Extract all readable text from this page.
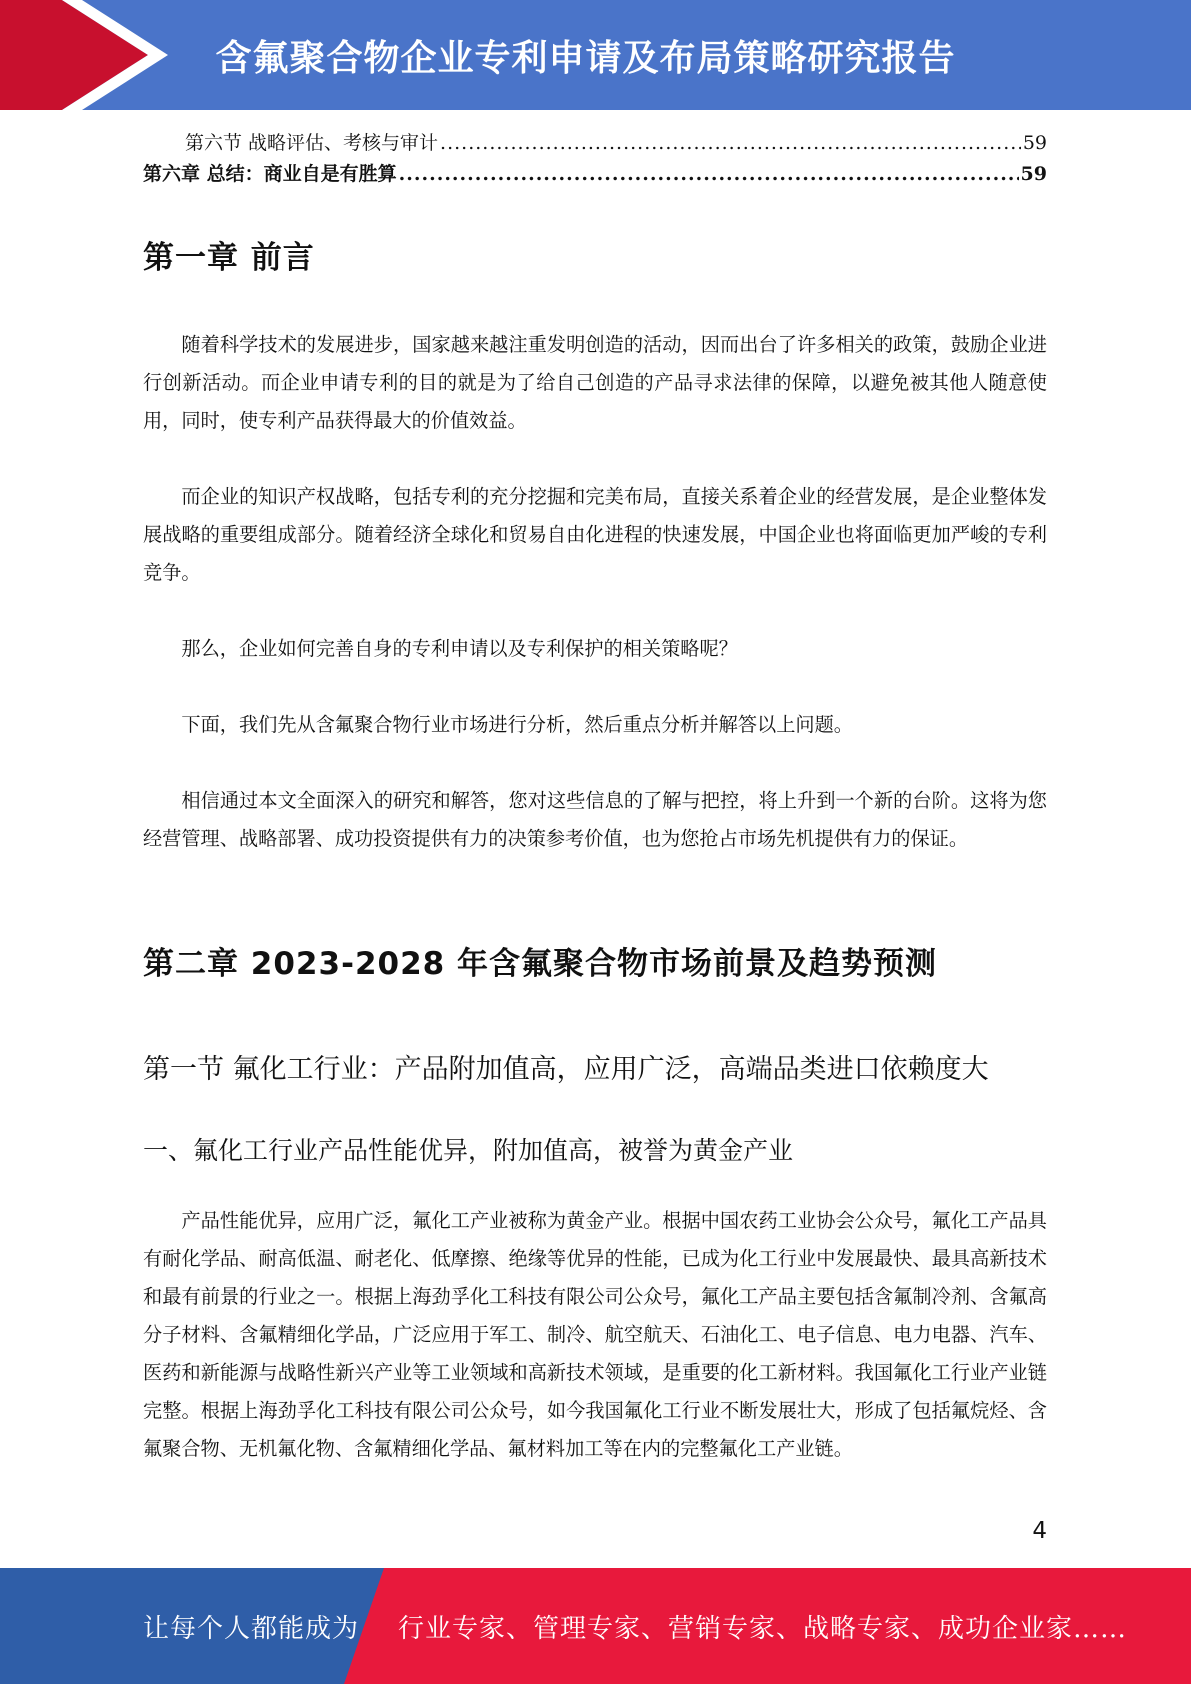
含氟聚合物企业专利申请及布局策略研究报告
第六节 战略评估、考核与审计 .....	59
第六章 总结：商业自是有胜算 .....	59
第一章 前言

随着科学技术的发展进步，国家越来越注重发明创造的活动，因而出台了许多相关的政策，鼓励企业进行创新活动。而企业申请专利的目的就是为了给自己创造的产品寻求法律的保障，以避免被其他人随意使用，同时，使专利产品获得最大的价值效益。

而企业的知识产权战略，包括专利的充分挖掘和完美布局，直接关系着企业的经营发展，是企业整体发展战略的重要组成部分。随着经济全球化和贸易自由化进程的快速发展，中国企业也将面临更加严峻的专利竞争。

那么，企业如何完善自身的专利申请以及专利保护的相关策略呢？

下面，我们先从含氟聚合物行业市场进行分析，然后重点分析并解答以上问题。

相信通过本文全面深入的研究和解答，您对这些信息的了解与把控，将上升到一个新的台阶。这将为您经营管理、战略部署、成功投资提供有力的决策参考价值，也为您抢占市场先机提供有力的保证。

第二章 2023-2028 年含氟聚合物市场前景及趋势预测
第一节 氟化工行业：产品附加值高，应用广泛，高端品类进口依赖度大
一、氟化工行业产品性能优异，附加值高，被誉为黄金产业

产品性能优异，应用广泛，氟化工产业被称为黄金产业。根据中国农药工业协会公众号，氟化工产品具有耐化学品、耐高低温、耐老化、低摩擦、绝缘等优异的性能，已成为化工行业中发展最快、最具高新技术和最有前景的行业之一。根据上海劲孚化工科技有限公司公众号，氟化工产品主要包括含氟制冷剂、含氟高分子材料、含氟精细化学品，广泛应用于军工、制冷、航空航天、石油化工、电子信息、电力电器、汽车、医药和新能源与战略性新兴产业等工业领域和高新技术领域，是重要的化工新材料。我国氟化工行业产业链完整。根据上海劲孚化工科技有限公司公众号，如今我国氟化工行业不断发展壮大，形成了包括氟烷烃、含氟聚合物、无机氟化物、含氟精细化学品、氟材料加工等在内的完整氟化工产业链。

4
让每个人都能成为 行业专家、管理专家、营销专家、战略专家、成功企业家……
